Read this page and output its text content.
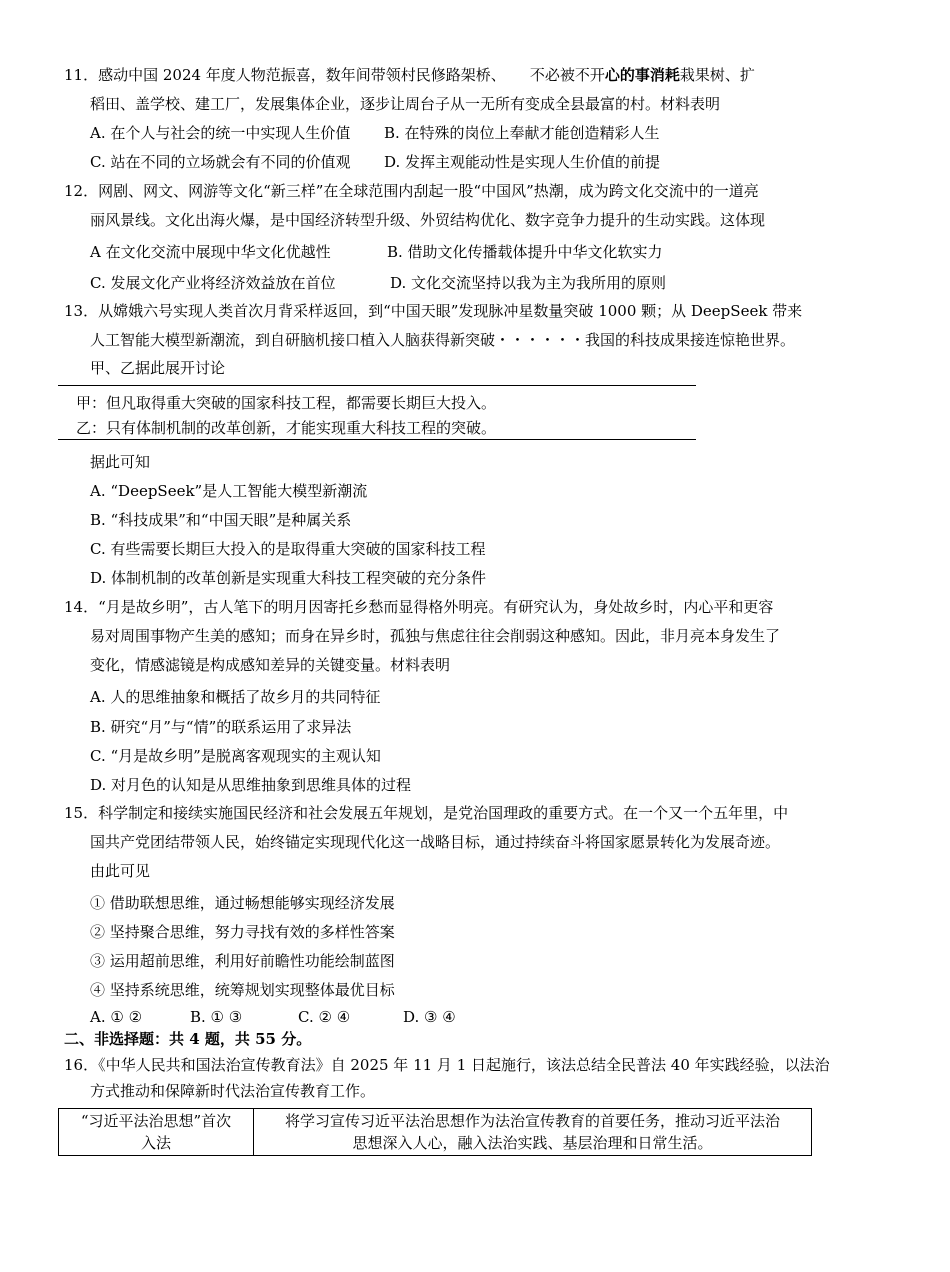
11．感动中国 2024 年度人物范振喜，数年间带领村民修路架桥、 不必被不开心的事消耗栽果树、扩
稻田、盖学校、建工厂，发展集体企业，逐步让周台子从一无所有变成全县最富的村。材料表明
A. 在个人与社会的统一中实现人生价值 B. 在特殊的岗位上奉献才能创造精彩人生
C. 站在不同的立场就会有不同的价值观 D. 发挥主观能动性是实现人生价值的前提
12．网剧、网文、网游等文化“新三样”在全球范围内刮起一股“中国风”热潮，成为跨文化交流中的一道亮
丽风景线。文化出海火爆，是中国经济转型升级、外贸结构优化、数字竞争力提升的生动实践。这体现
A 在文化交流中展现中华文化优越性	B. 借助文化传播载体提升中华文化软实力
C. 发展文化产业将经济效益放在首位	D. 文化交流坚持以我为主为我所用的原则
13．从嫦娥六号实现人类首次月背采样返回，到“中国天眼”发现脉冲星数量突破 1000 颗；从 DeepSeek 带来
人工智能大模型新潮流，到自研脑机接口植入人脑获得新突破・・・・・・我国的科技成果接连惊艳世界。
甲、乙据此展开讨论
甲：但凡取得重大突破的国家科技工程，都需要长期巨大投入。
乙：只有体制机制的改革创新，才能实现重大科技工程的突破。
据此可知
A. “DeepSeek”是人工智能大模型新潮流
B. “科技成果”和“中国天眼”是种属关系
C. 有些需要长期巨大投入的是取得重大突破的国家科技工程
D. 体制机制的改革创新是实现重大科技工程突破的充分条件
14．“月是故乡明”，古人笔下的明月因寄托乡愁而显得格外明亮。有研究认为，身处故乡时，内心平和更容
易对周围事物产生美的感知；而身在异乡时，孤独与焦虑往往会削弱这种感知。因此，非月亮本身发生了
变化，情感滤镜是构成感知差异的关键变量。材料表明
A. 人的思维抽象和概括了故乡月的共同特征
B. 研究“月”与“情”的联系运用了求异法
C. “月是故乡明”是脱离客观现实的主观认知
D. 对月色的认知是从思维抽象到思维具体的过程
15．科学制定和接续实施国民经济和社会发展五年规划，是党治国理政的重要方式。在一个又一个五年里，中
国共产党团结带领人民，始终锚定实现现代化这一战略目标，通过持续奋斗将国家愿景转化为发展奇迹。
由此可见
① 借助联想思维，通过畅想能够实现经济发展
② 坚持聚合思维，努力寻找有效的多样性答案
③ 运用超前思维，利用好前瞻性功能绘制蓝图
④ 坚持系统思维，统筹规划实现整体最优目标
A. ① ②	B. ① ③	C. ② ④	D. ③ ④
二、非选择题：共 4 题，共 55 分。
16．《中华人民共和国法治宣传教育法》自 2025 年 11 月 1 日起施行，该法总结全民普法 40 年实践经验，以法治
方式推动和保障新时代法治宣传教育工作。
“习近平法治思想”首次
入法

将学习宣传习近平法治思想作为法治宣传教育的首要任务，推动习近平法治
思想深入人心，融入法治实践、基层治理和日常生活。
